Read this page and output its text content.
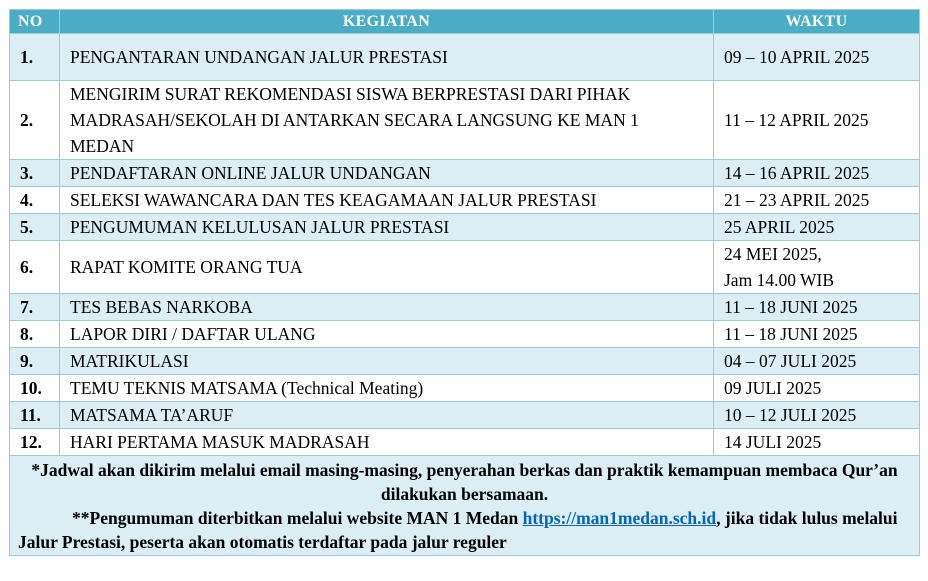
NO	KEGIATAN	WAKTU
1.	PENGANTARAN UNDANGAN JALUR PRESTASI	09 – 10 APRIL 2025
2.	MENGIRIM SURAT REKOMENDASI SISWA BERPRESTASI DARI PIHAK MADRASAH/SEKOLAH DI ANTARKAN SECARA LANGSUNG KE MAN 1 MEDAN	11 – 12 APRIL 2025
3.	PENDAFTARAN ONLINE JALUR UNDANGAN	14 – 16 APRIL 2025
4.	SELEKSI WAWANCARA DAN TES KEAGAMAAN JALUR PRESTASI	21 – 23 APRIL 2025
5.	PENGUMUMAN KELULUSAN JALUR PRESTASI	25 APRIL 2025
6.	RAPAT KOMITE ORANG TUA	24 MEI 2025,
Jam 14.00 WIB

7.	TES BEBAS NARKOBA	11 – 18 JUNI 2025
8.	LAPOR DIRI / DAFTAR ULANG	11 – 18 JUNI 2025
9.	MATRIKULASI	04 – 07 JULI 2025
10.	TEMU TEKNIS MATSAMA (Technical Meating)	09 JULI 2025
11.	MATSAMA TA’ARUF	10 – 12 JULI 2025
12.	HARI PERTAMA MASUK MADRASAH	14 JULI 2025
*Jadwal akan dikirim melalui email masing-masing, penyerahan berkas dan praktik kemampuan membaca Qur’an dilakukan bersamaan.
**Pengumuman diterbitkan melalui website MAN 1 Medan https://man1medan.sch.id, jika tidak lulus melalui Jalur Prestasi, peserta akan otomatis terdaftar pada jalur reguler		
